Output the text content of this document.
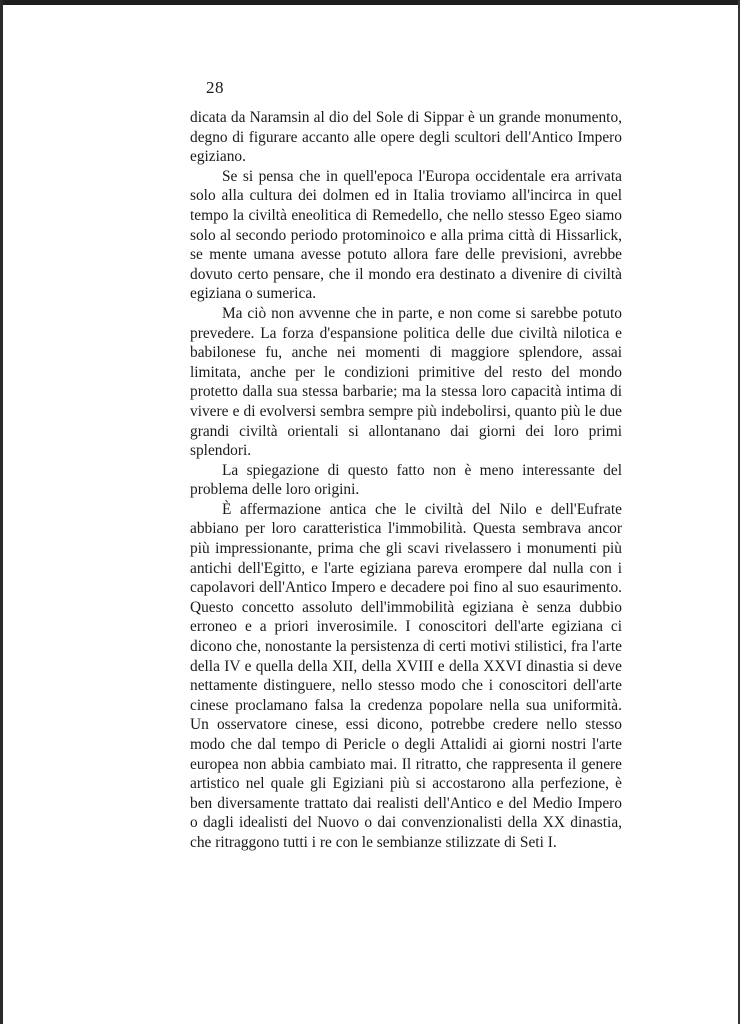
28

dicata da Naramsin al dio del Sole di Sippar è un grande monumento, degno di figurare accanto alle opere degli scultori dell'Antico Impero egiziano.

Se si pensa che in quell'epoca l'Europa occidentale era arrivata solo alla cultura dei dolmen ed in Italia troviamo all'incirca in quel tempo la civiltà eneolitica di Remedello, che nello stesso Egeo siamo solo al secondo periodo protominoico e alla prima città di Hissarlick, se mente umana avesse potuto allora fare delle previsioni, avrebbe dovuto certo pensare, che il mondo era destinato a divenire di civiltà egiziana o sumerica.

Ma ciò non avvenne che in parte, e non come si sarebbe potuto prevedere. La forza d'espansione politica delle due civiltà nilotica e babilonese fu, anche nei momenti di maggiore splendore, assai limitata, anche per le condizioni primitive del resto del mondo protetto dalla sua stessa barbarie; ma la stessa loro capacità intima di vivere e di evolversi sembra sempre più indebolirsi, quanto più le due grandi civiltà orientali si allontanano dai giorni dei loro primi splendori.

La spiegazione di questo fatto non è meno interessante del problema delle loro origini.

È affermazione antica che le civiltà del Nilo e dell'Eufrate abbiano per loro caratteristica l'immobilità. Questa sembrava ancor più impressionante, prima che gli scavi rivelassero i monumenti più antichi dell'Egitto, e l'arte egiziana pareva erompere dal nulla con i capolavori dell'Antico Impero e decadere poi fino al suo esaurimento. Questo concetto assoluto dell'immobilità egiziana è senza dubbio erroneo e a priori inverosimile. I conoscitori dell'arte egiziana ci dicono che, nonostante la persistenza di certi motivi stilistici, fra l'arte della IV e quella della XII, della XVIII e della XXVI dinastia si deve nettamente distinguere, nello stesso modo che i conoscitori dell'arte cinese proclamano falsa la credenza popolare nella sua uniformità. Un osservatore cinese, essi dicono, potrebbe credere nello stesso modo che dal tempo di Pericle o degli Attalidi ai giorni nostri l'arte europea non abbia cambiato mai. Il ritratto, che rappresenta il genere artistico nel quale gli Egiziani più si accostarono alla perfezione, è ben diversamente trattato dai realisti dell'Antico e del Medio Impero o dagli idealisti del Nuovo o dai convenzionalisti della XX dinastia, che ritraggono tutti i re con le sembianze stilizzate di Seti I.
